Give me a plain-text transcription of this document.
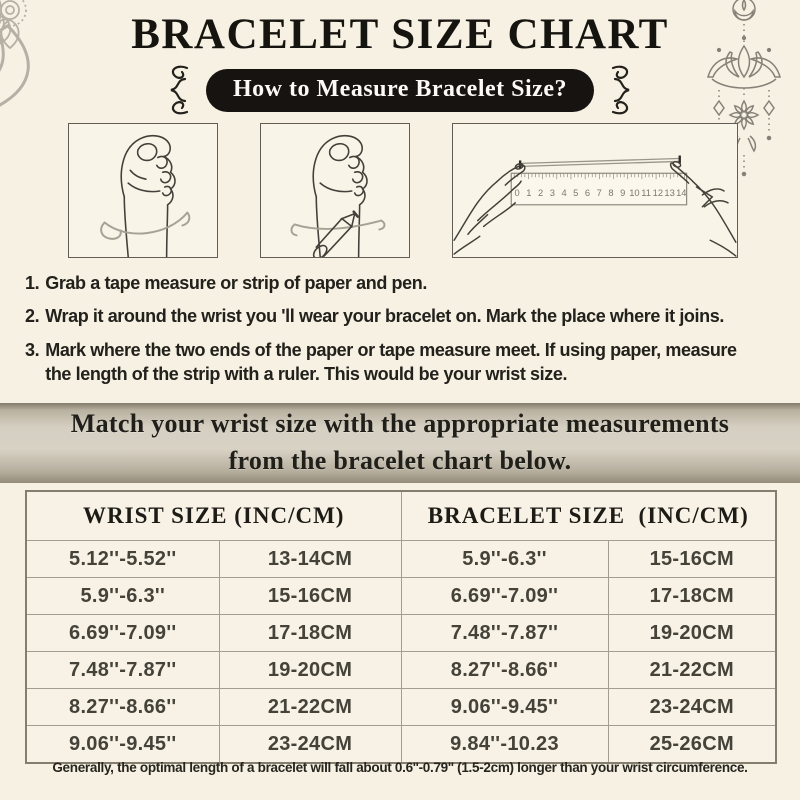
BRACELET SIZE CHART
How to Measure Bracelet Size?
0 1 2 3 4 5 6 7 8 9 10 11 12 13 14
1. Grab a tape measure or strip of paper and pen.
2. Wrap it around the wrist you 'll wear your bracelet on. Mark the place where it joins.
3. Mark where the two ends of the paper or tape measure meet. If using paper, measure
the length of the strip with a ruler. This would be your wrist size.
Match your wrist size with the appropriate measurements
from the bracelet chart below.
WRIST SIZE (INC/CM)		BRACELET SIZE  (INC/CM)	
5.12''-5.52''	13-14CM	5.9''-6.3''	15-16CM
5.9''-6.3''	15-16CM	6.69''-7.09''	17-18CM
6.69''-7.09''	17-18CM	7.48''-7.87''	19-20CM
7.48''-7.87''	19-20CM	8.27''-8.66''	21-22CM
8.27''-8.66''	21-22CM	9.06''-9.45''	23-24CM
9.06''-9.45''	23-24CM	9.84''-10.23	25-26CM
Generally, the optimal length of a bracelet will fall about 0.6''-0.79'' (1.5-2cm) longer than your wrist circumference.
